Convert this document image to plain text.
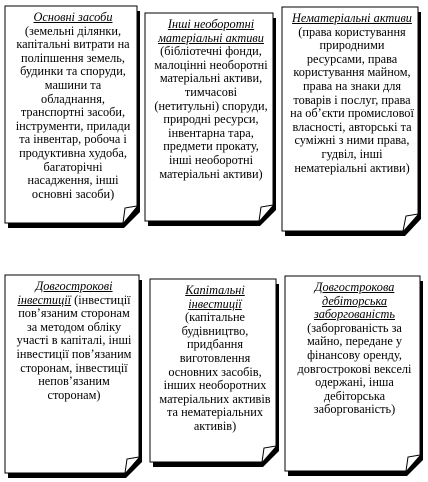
Основні засоби (земельні ділянки, капітальні витрати на поліпшення земель, будинки та споруди, машини та обладнання, транспортні засоби, інструменти, прилади та інвентар, робоча і продуктивна худоба, багаторічні насадження, інші основні засоби)
Інші необоротні матеріальні активи (бібліотечні фонди, малоцінні необоротні матеріальні активи, тимчасові (нетитульні) споруди, природні ресурси, інвентарна тара, предмети прокату, інші необоротні матеріальні активи)
Нематеріальні активи (права користування природними ресурсами, права користування майном, права на знаки для товарів і послуг, права на об’єкти промислової власності, авторські та суміжні з ними права, гудвіл, інші нематеріальні активи)
Довгострокові інвестиції (інвестиції пов’язаним сторонам за методом обліку участі в капіталі, інші інвестиції пов’язаним сторонам, інвестиції непов’язаним сторонам)
Капітальні інвестиції (капітальне будівництво, придбання виготовлення основних засобів, інших необоротних матеріальних активів та нематеріальних активів)
Довгострокова дебіторська заборгованість (заборгованість за майно, передане у фінансову оренду, довгострокові векселі одержані, інша дебіторська заборгованість)
